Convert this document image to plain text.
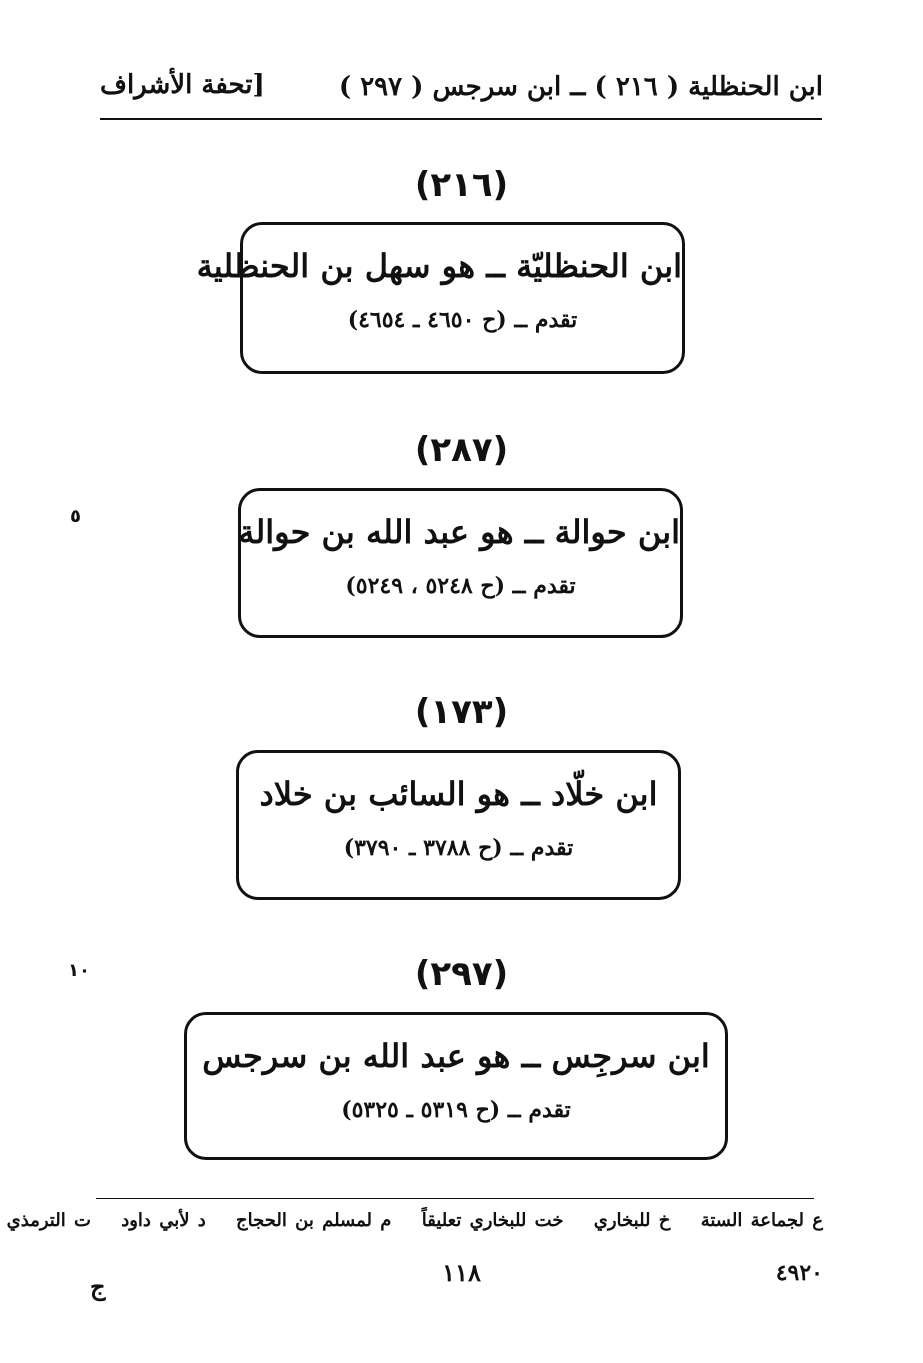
ابن الحنظلية ( ٢١٦ ) ــ ابن سرجس ( ٢٩٧ )
[تحفة الأشراف
(٢١٦)
ابن الحنظليّة ــ هو سهل بن الحنظلية
تقدم ــ (ح ٤٦٥٠ ـ ٤٦٥٤)
(٢٨٧)
ابن حوالة ــ هو عبد الله بن حوالة
تقدم ــ (ح ٥٢٤٨ ، ٥٢٤٩)
(١٧٣)
ابن خلّاد ــ هو السائب بن خلاد
تقدم ــ (ح ٣٧٨٨ ـ ٣٧٩٠)
(٢٩٧)
ابن سرجِس ــ هو عبد الله بن سرجس
تقدم ــ (ح ٥٣١٩ ـ ٥٣٢٥)
٥
١٠
ع لجماعة الستة خ للبخاري خت للبخاري تعليقاً م لمسلم بن الحجاج د لأبي داود ت الترمذي
١١٨	٤٩٢٠
ج
